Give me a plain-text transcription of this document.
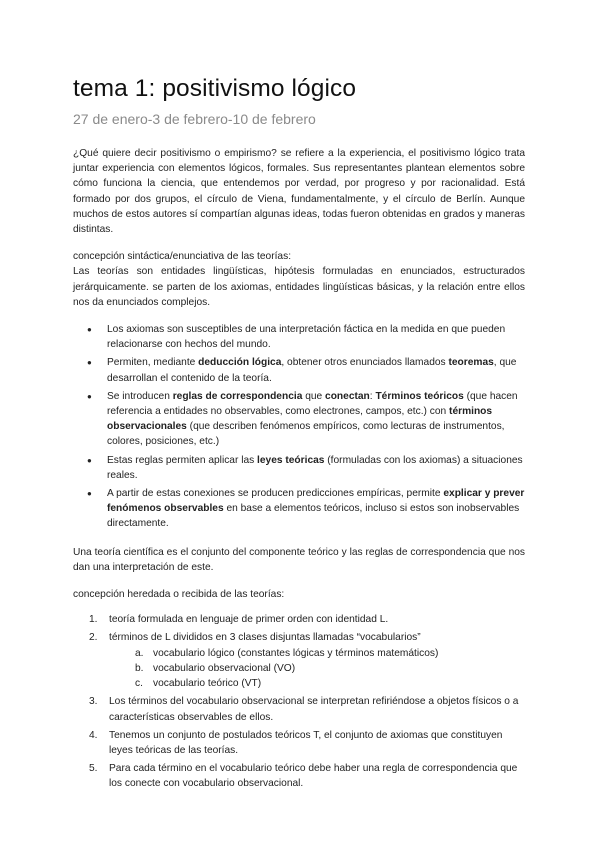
tema 1: positivismo lógico
27 de enero-3 de febrero-10 de febrero

¿Qué quiere decir positivismo o empirismo? se refiere a la experiencia, el positivismo lógico trata juntar experiencia con elementos lógicos, formales. Sus representantes plantean elementos sobre cómo funciona la ciencia, que entendemos por verdad, por progreso y por racionalidad. Está formado por dos grupos, el círculo de Viena, fundamentalmente, y el círculo de Berlín. Aunque muchos de estos autores sí compartían algunas ideas, todas fueron obtenidas en grados y maneras distintas.

concepción sintáctica/enunciativa de las teorías:

Las teorías son entidades lingüísticas, hipótesis formuladas en enunciados, estructurados jerárquicamente. se parten de los axiomas, entidades lingüísticas básicas, y la relación entre ellos nos da enunciados complejos.

● Los axiomas son susceptibles de una interpretación fáctica en la medida en que pueden relacionarse con hechos del mundo.
● Permiten, mediante deducción lógica, obtener otros enunciados llamados teoremas, que desarrollan el contenido de la teoría.
● Se introducen reglas de correspondencia que conectan: Términos teóricos (que hacen referencia a entidades no observables, como electrones, campos, etc.) con términos observacionales (que describen fenómenos empíricos, como lecturas de instrumentos, colores, posiciones, etc.)
● Estas reglas permiten aplicar las leyes teóricas (formuladas con los axiomas) a situaciones reales.
● A partir de estas conexiones se producen predicciones empíricas, permite explicar y prever fenómenos observables en base a elementos teóricos, incluso si estos son inobservables directamente.

Una teoría científica es el conjunto del componente teórico y las reglas de correspondencia que nos dan una interpretación de este.

concepción heredada o recibida de las teorías:

1. teoría formulada en lenguaje de primer orden con identidad L.
2. términos de L divididos en 3 clases disjuntas llamadas “vocabularios”
a. vocabulario lógico (constantes lógicas y términos matemáticos)
b. vocabulario observacional (VO)
c. vocabulario teórico (VT)
3. Los términos del vocabulario observacional se interpretan refiriéndose a objetos físicos o a características observables de ellos.
4. Tenemos un conjunto de postulados teóricos T, el conjunto de axiomas que constituyen leyes teóricas de las teorías.
5. Para cada término en el vocabulario teórico debe haber una regla de correspondencia que los conecte con vocabulario observacional.
